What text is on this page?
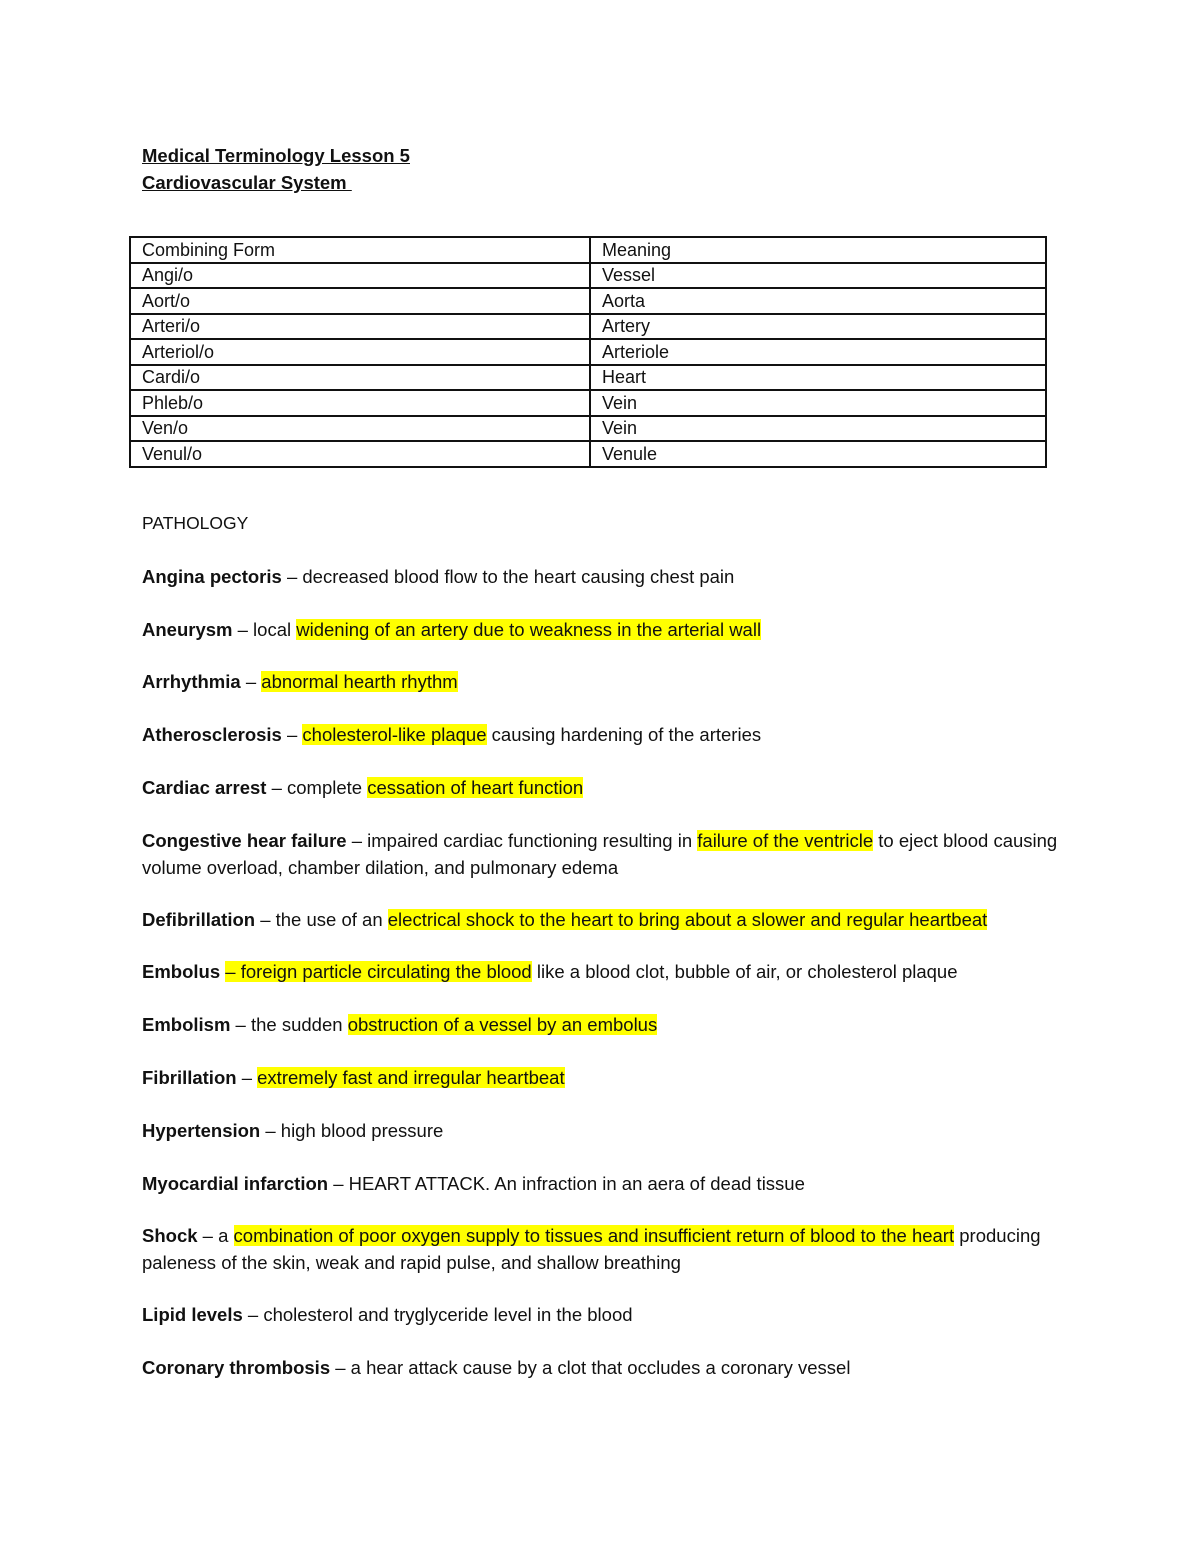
Medical Terminology Lesson 5
Cardiovascular System
Combining Form	Meaning
Angi/o	Vessel
Aort/o	Aorta
Arteri/o	Artery
Arteriol/o	Arteriole
Cardi/o	Heart
Phleb/o	Vein
Ven/o	Vein
Venul/o	Venule
PATHOLOGY
Angina pectoris – decreased blood flow to the heart causing chest pain
Aneurysm – local widening of an artery due to weakness in the arterial wall
Arrhythmia – abnormal hearth rhythm
Atherosclerosis – cholesterol-like plaque causing hardening of the arteries
Cardiac arrest – complete cessation of heart function
Congestive hear failure – impaired cardiac functioning resulting in failure of the ventricle to eject blood causing volume overload, chamber dilation, and pulmonary edema
Defibrillation – the use of an electrical shock to the heart to bring about a slower and regular heartbeat
Embolus – foreign particle circulating the blood like a blood clot, bubble of air, or cholesterol plaque
Embolism – the sudden obstruction of a vessel by an embolus
Fibrillation – extremely fast and irregular heartbeat
Hypertension – high blood pressure
Myocardial infarction – HEART ATTACK. An infraction in an aera of dead tissue
Shock – a combination of poor oxygen supply to tissues and insufficient return of blood to the heart producing paleness of the skin, weak and rapid pulse, and shallow breathing
Lipid levels – cholesterol and tryglyceride level in the blood
Coronary thrombosis – a hear attack cause by a clot that occludes a coronary vessel
